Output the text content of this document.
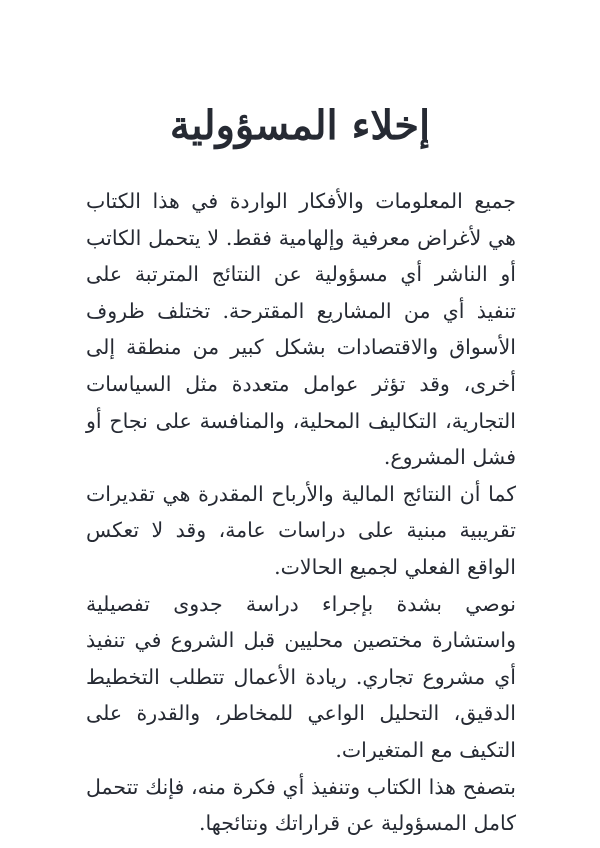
إخلاء المسؤولية

جميع المعلومات والأفكار الواردة في هذا الكتاب هي لأغراض معرفية وإلهامية فقط. لا يتحمل الكاتب أو الناشر أي مسؤولية عن النتائج المترتبة على تنفيذ أي من المشاريع المقترحة. تختلف ظروف الأسواق والاقتصادات بشكل كبير من منطقة إلى أخرى، وقد تؤثر عوامل متعددة مثل السياسات التجارية، التكاليف المحلية، والمنافسة على نجاح أو فشل المشروع.

كما أن النتائج المالية والأرباح المقدرة هي تقديرات تقريبية مبنية على دراسات عامة، وقد لا تعكس الواقع الفعلي لجميع الحالات.

نوصي بشدة بإجراء دراسة جدوى تفصيلية واستشارة مختصين محليين قبل الشروع في تنفيذ أي مشروع تجاري. ريادة الأعمال تتطلب التخطيط الدقيق، التحليل الواعي للمخاطر، والقدرة على التكيف مع المتغيرات.

بتصفح هذا الكتاب وتنفيذ أي فكرة منه، فإنك تتحمل كامل المسؤولية عن قراراتك ونتائجها.
